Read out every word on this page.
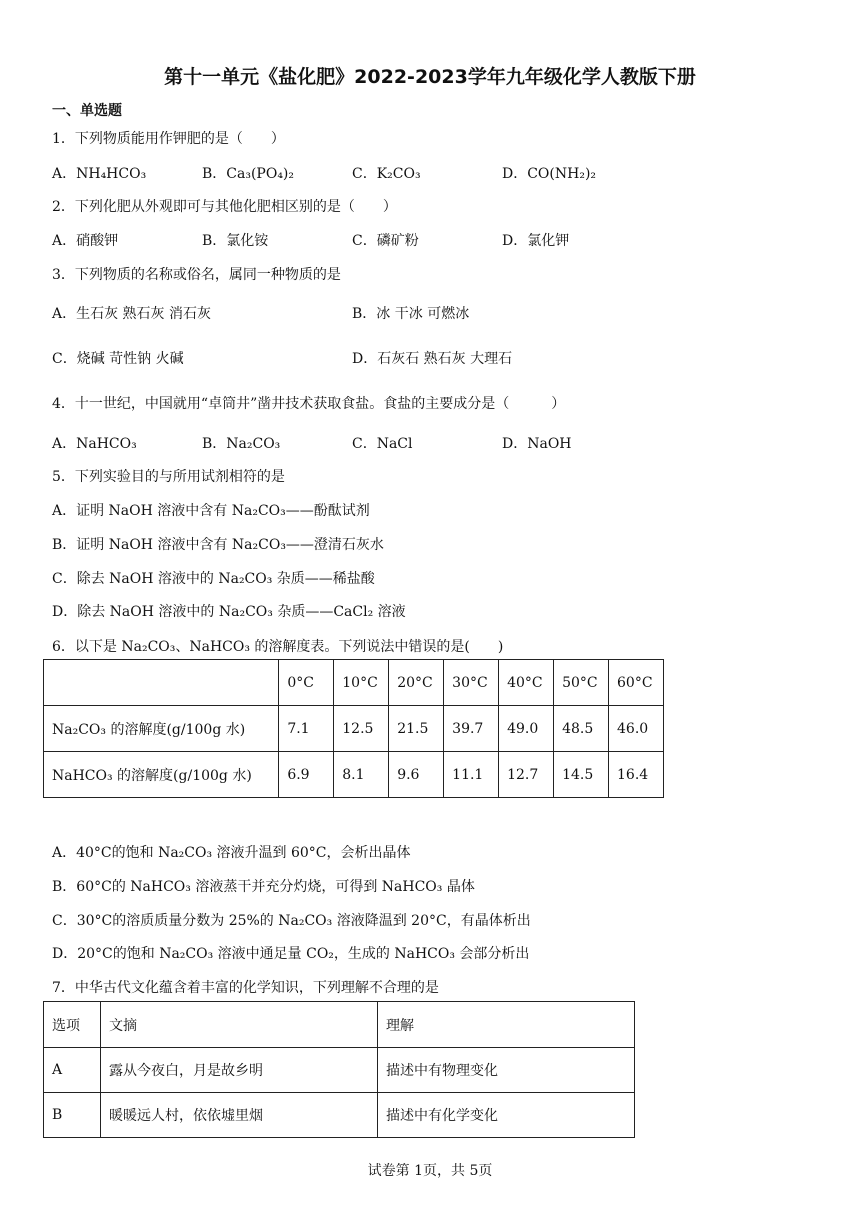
第十一单元《盐化肥》2022-2023学年九年级化学人教版下册
一、单选题
1．下列物质能用作钾肥的是（　　）
A．NH₄HCO₃	B．Ca₃(PO₄)₂	C．K₂CO₃	D．CO(NH₂)₂
2．下列化肥从外观即可与其他化肥相区别的是（　　）
A．硝酸钾	B．氯化铵	C．磷矿粉	D．氯化钾
3．下列物质的名称或俗名，属同一种物质的是
A．生石灰 熟石灰 消石灰	B．冰 干冰 可燃冰
C．烧碱 苛性钠 火碱	D．石灰石 熟石灰 大理石
4．十一世纪，中国就用“卓筒井”凿井技术获取食盐。食盐的主要成分是（　　　）
A．NaHCO₃	B．Na₂CO₃	C．NaCl	D．NaOH
5．下列实验目的与所用试剂相符的是
A．证明 NaOH 溶液中含有 Na₂CO₃——酚酞试剂
B．证明 NaOH 溶液中含有 Na₂CO₃——澄清石灰水
C．除去 NaOH 溶液中的 Na₂CO₃ 杂质——稀盐酸
D．除去 NaOH 溶液中的 Na₂CO₃ 杂质——CaCl₂ 溶液
6．以下是 Na₂CO₃、NaHCO₃ 的溶解度表。下列说法中错误的是(　　)
	0°C	10°C	20°C	30°C	40°C	50°C	60°C
Na₂CO₃ 的溶解度(g/100g 水)	7.1	12.5	21.5	39.7	49.0	48.5	46.0
NaHCO₃ 的溶解度(g/100g 水)	6.9	8.1	9.6	11.1	12.7	14.5	16.4
A．40°C的饱和 Na₂CO₃ 溶液升温到 60°C，会析出晶体
B．60°C的 NaHCO₃ 溶液蒸干并充分灼烧，可得到 NaHCO₃ 晶体
C．30°C的溶质质量分数为 25%的 Na₂CO₃ 溶液降温到 20°C，有晶体析出
D．20°C的饱和 Na₂CO₃ 溶液中通足量 CO₂，生成的 NaHCO₃ 会部分析出
7．中华古代文化蕴含着丰富的化学知识，下列理解不合理的是
选项	文摘	理解
A	露从今夜白，月是故乡明	描述中有物理变化
B	暖暖远人村，依依墟里烟	描述中有化学变化
试卷第 1页，共 5页
